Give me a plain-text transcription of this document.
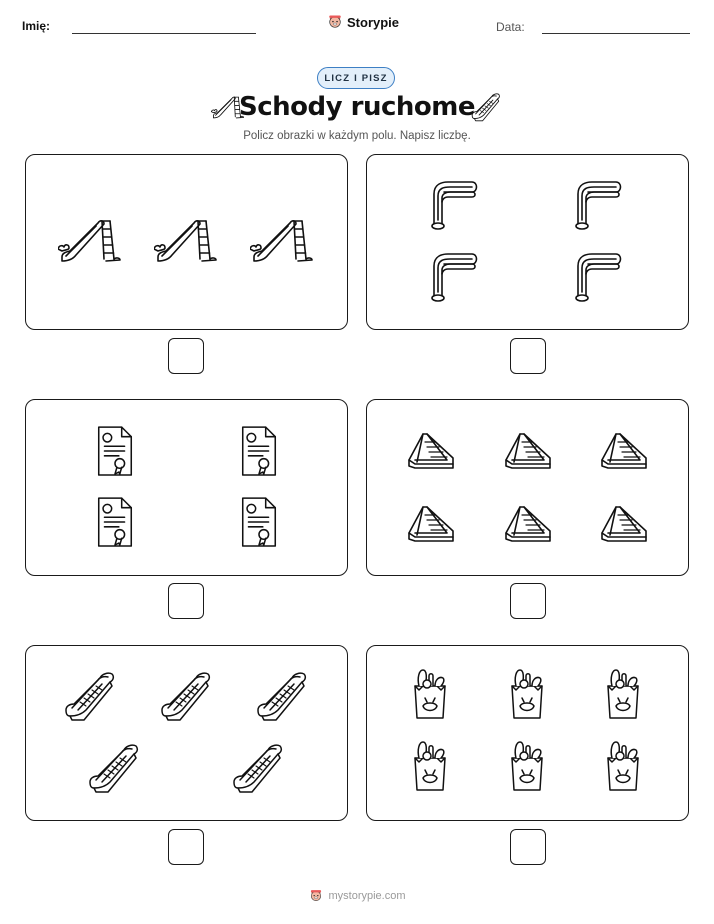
Imię:	Storypie	Data:
LICZ I PISZ
Schody ruchome
Policz obrazki w każdym polu. Napisz liczbę.
mystorypie.com
